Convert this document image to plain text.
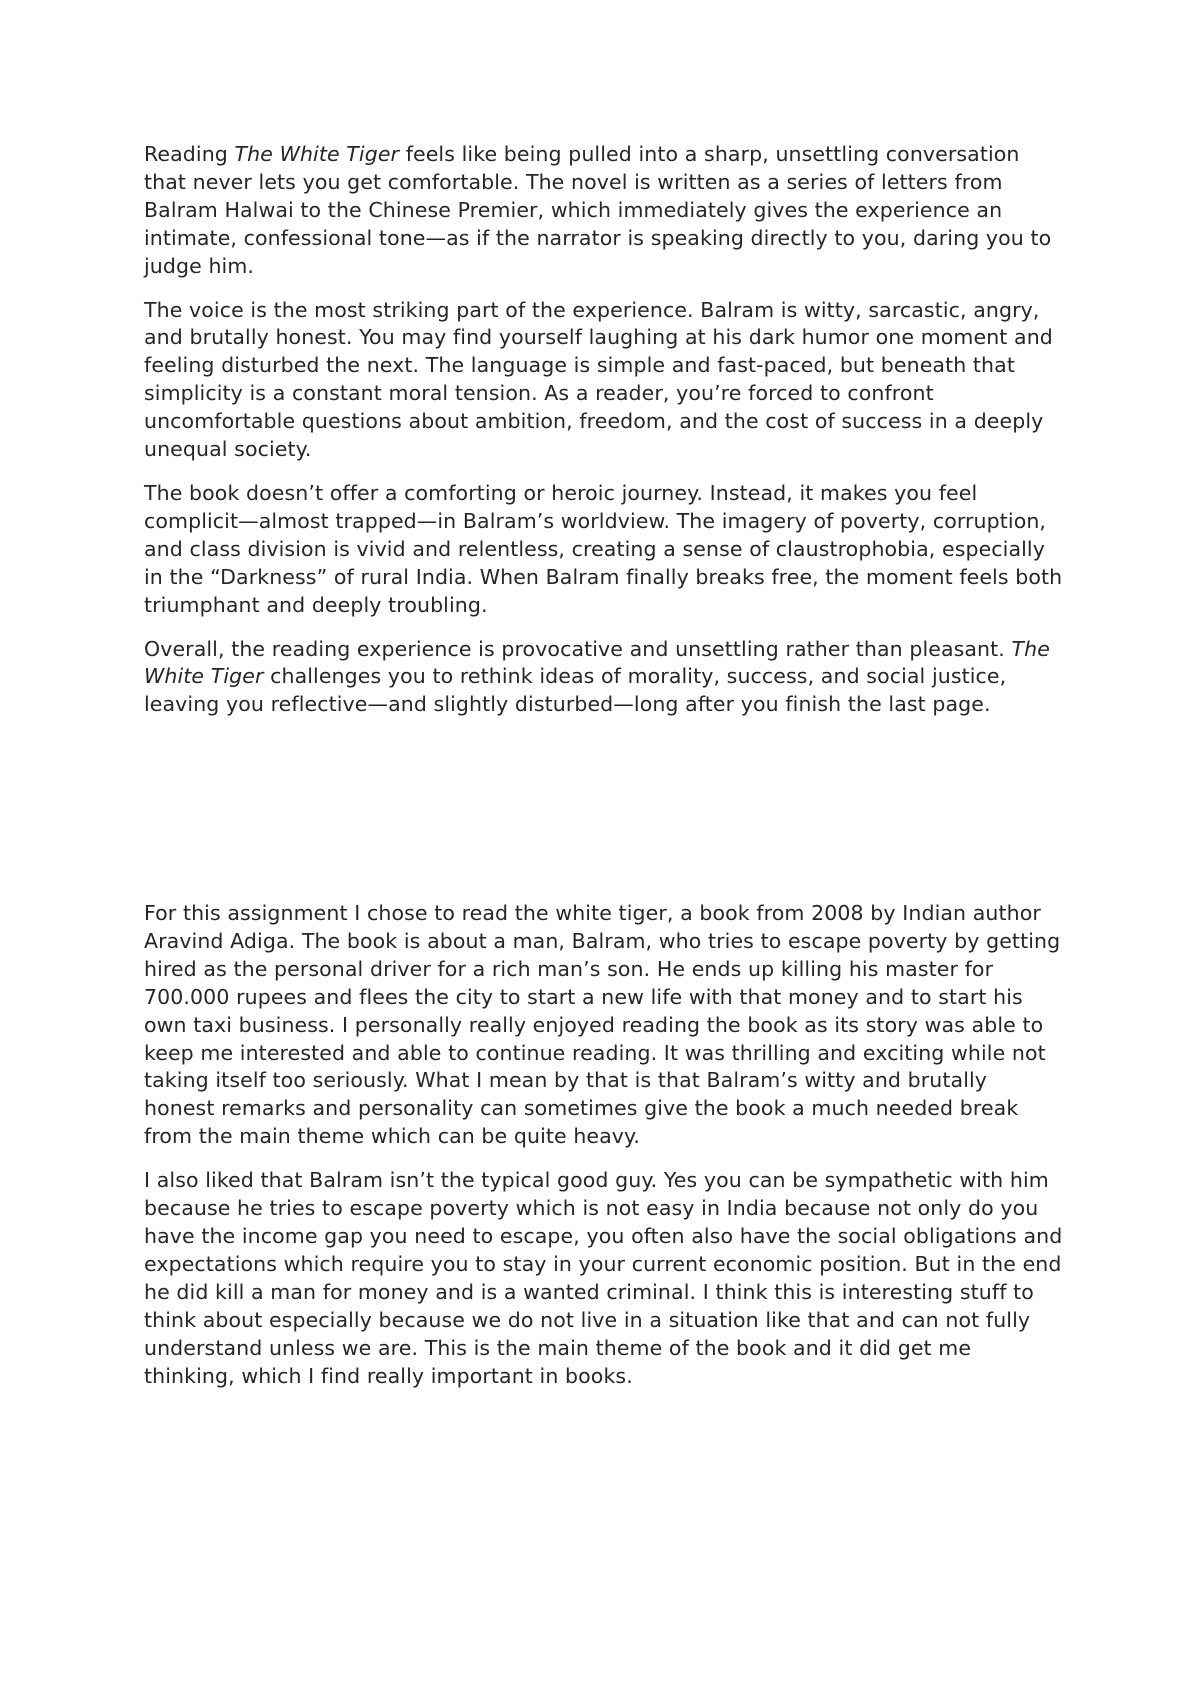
Reading The White Tiger feels like being pulled into a sharp, unsettling conversation that never lets you get comfortable. The novel is written as a series of letters from Balram Halwai to the Chinese Premier, which immediately gives the experience an intimate, confessional tone—as if the narrator is speaking directly to you, daring you to judge him.

The voice is the most striking part of the experience. Balram is witty, sarcastic, angry, and brutally honest. You may find yourself laughing at his dark humor one moment and feeling disturbed the next. The language is simple and fast-paced, but beneath that simplicity is a constant moral tension. As a reader, you’re forced to confront uncomfortable questions about ambition, freedom, and the cost of success in a deeply unequal society.

The book doesn’t offer a comforting or heroic journey. Instead, it makes you feel complicit—almost trapped—in Balram’s worldview. The imagery of poverty, corruption, and class division is vivid and relentless, creating a sense of claustrophobia, especially in the “Darkness” of rural India. When Balram finally breaks free, the moment feels both triumphant and deeply troubling.

Overall, the reading experience is provocative and unsettling rather than pleasant. The White Tiger challenges you to rethink ideas of morality, success, and social justice, leaving you reflective—and slightly disturbed—long after you finish the last page.

For this assignment I chose to read the white tiger, a book from 2008 by Indian author Aravind Adiga. The book is about a man, Balram, who tries to escape poverty by getting hired as the personal driver for a rich man’s son. He ends up killing his master for 700.000 rupees and flees the city to start a new life with that money and to start his own taxi business. I personally really enjoyed reading the book as its story was able to keep me interested and able to continue reading. It was thrilling and exciting while not taking itself too seriously. What I mean by that is that Balram’s witty and brutally honest remarks and personality can sometimes give the book a much needed break from the main theme which can be quite heavy.

I also liked that Balram isn’t the typical good guy. Yes you can be sympathetic with him because he tries to escape poverty which is not easy in India because not only do you have the income gap you need to escape, you often also have the social obligations and expectations which require you to stay in your current economic position. But in the end he did kill a man for money and is a wanted criminal. I think this is interesting stuff to think about especially because we do not live in a situation like that and can not fully understand unless we are. This is the main theme of the book and it did get me thinking, which I find really important in books.
